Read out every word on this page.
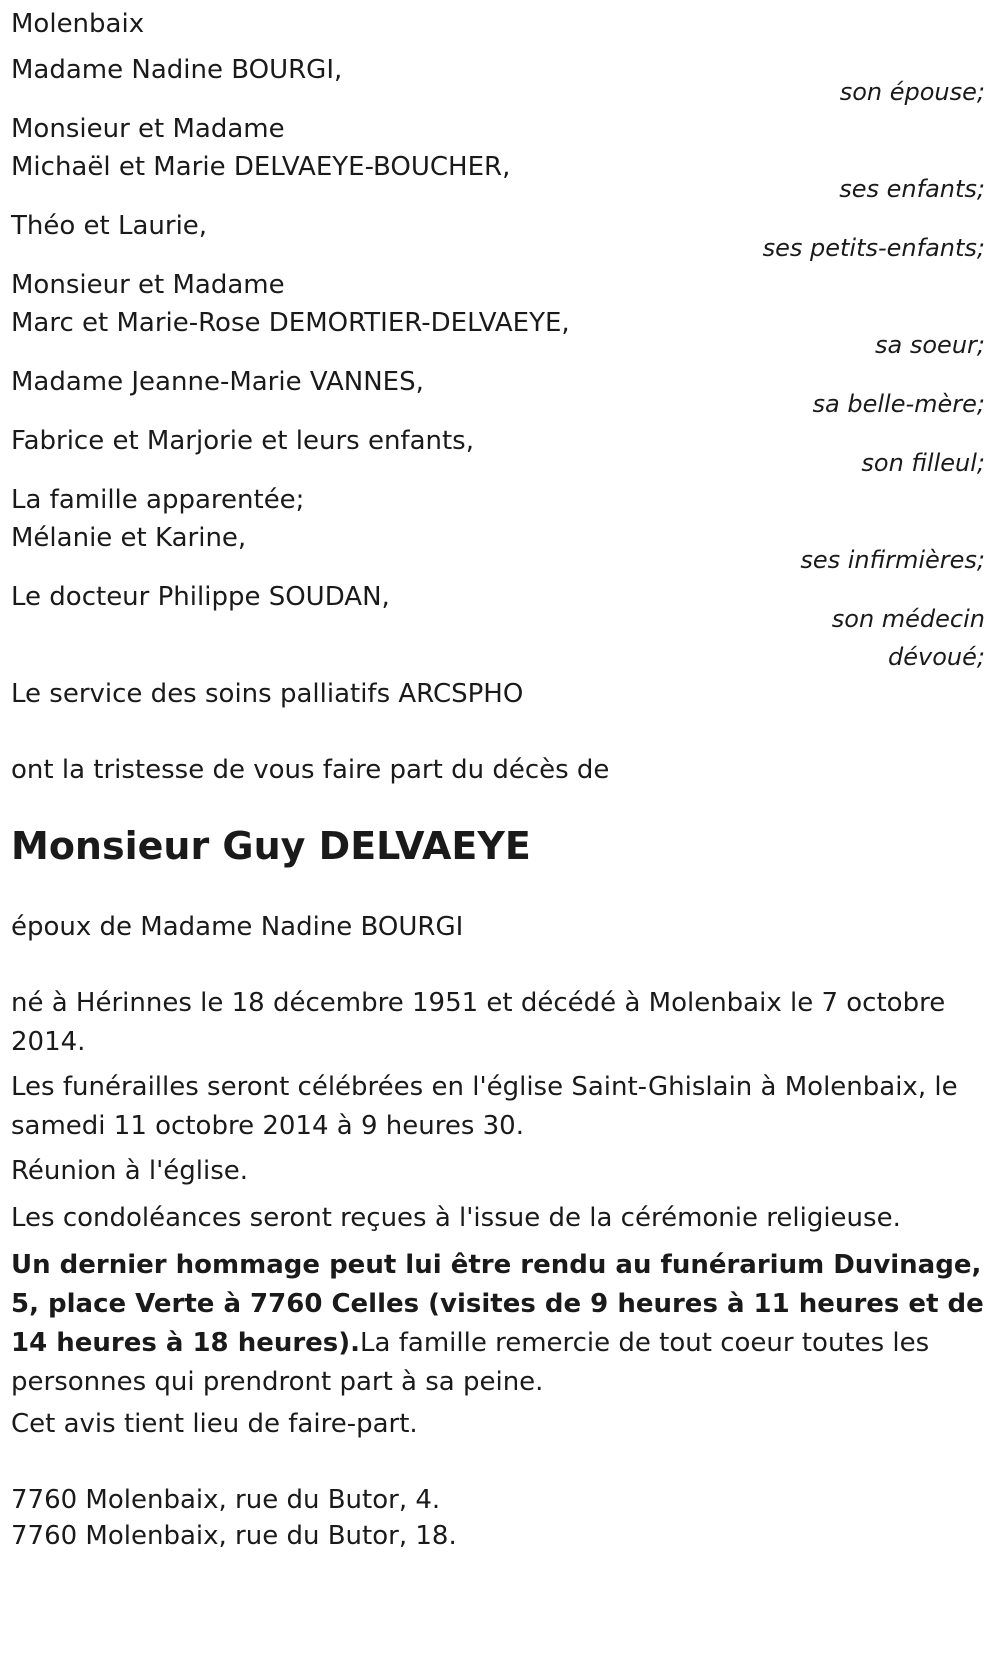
Molenbaix
Madame Nadine BOURGI,
son épouse;
Monsieur et Madame
Michaël et Marie DELVAEYE-BOUCHER,
ses enfants;
Théo et Laurie,
ses petits-enfants;
Monsieur et Madame
Marc et Marie-Rose DEMORTIER-DELVAEYE,
sa soeur;
Madame Jeanne-Marie VANNES,
sa belle-mère;
Fabrice et Marjorie et leurs enfants,
son filleul;
La famille apparentée;
Mélanie et Karine,
ses infirmières;
Le docteur Philippe SOUDAN,
son médecin
dévoué;
Le service des soins palliatifs ARCSPHO
ont la tristesse de vous faire part du décès de
Monsieur Guy DELVAEYE
époux de Madame Nadine BOURGI
né à Hérinnes le 18 décembre 1951 et décédé à Molenbaix le 7 octobre 2014.
Les funérailles seront célébrées en l'église Saint-Ghislain à Molenbaix, le samedi 11 octobre 2014 à 9 heures 30.
Réunion à l'église.
Les condoléances seront reçues à l'issue de la cérémonie religieuse.
Un dernier hommage peut lui être rendu au funérarium Duvinage, 5, place Verte à 7760 Celles (visites de 9 heures à 11 heures et de 14 heures à 18 heures).La famille remercie de tout coeur toutes les personnes qui prendront part à sa peine.
Cet avis tient lieu de faire-part.
7760 Molenbaix, rue du Butor, 4.
7760 Molenbaix, rue du Butor, 18.
